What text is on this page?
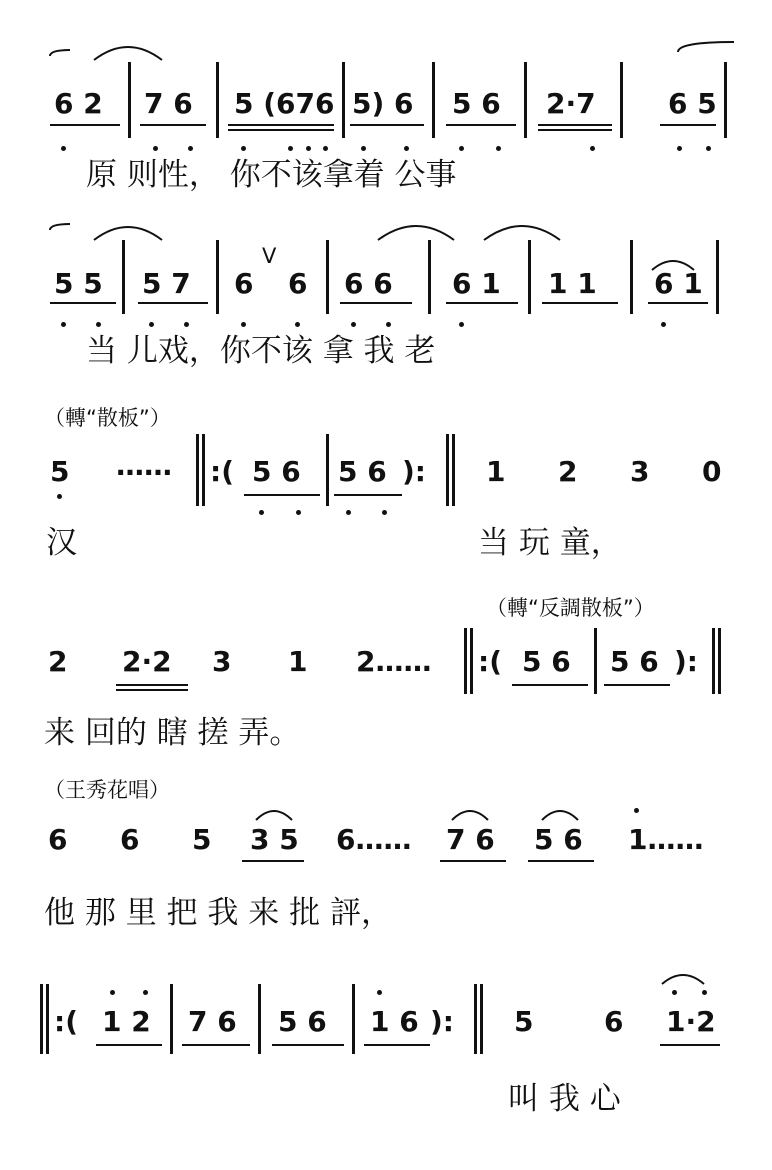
6 2 7 6 5 (676 5) 6 5 6 2·7	6 5
原 则性， 你不该拿着 公事
5 5 5 7 6
V
6 6 6 6 1 1 1 6 1
当 儿戏，你不该 拿 我 老
（轉“散板”）
5 …… :( 5 6 5 6 ): 1 2 3 0
汉	当 玩 童，
（轉“反調散板”）
2 2·2 3 1 2…… :( 5 6 5 6 ):
来 回的 瞎 搓 弄。
（王秀花唱）
6 6 5 3 5 6…… 7 6 5 6 1……
他 那 里 把 我 来 批 評，
:( 1 2 7 6 5 6 1 6 ): 5	6 1·2
叫 我 心
